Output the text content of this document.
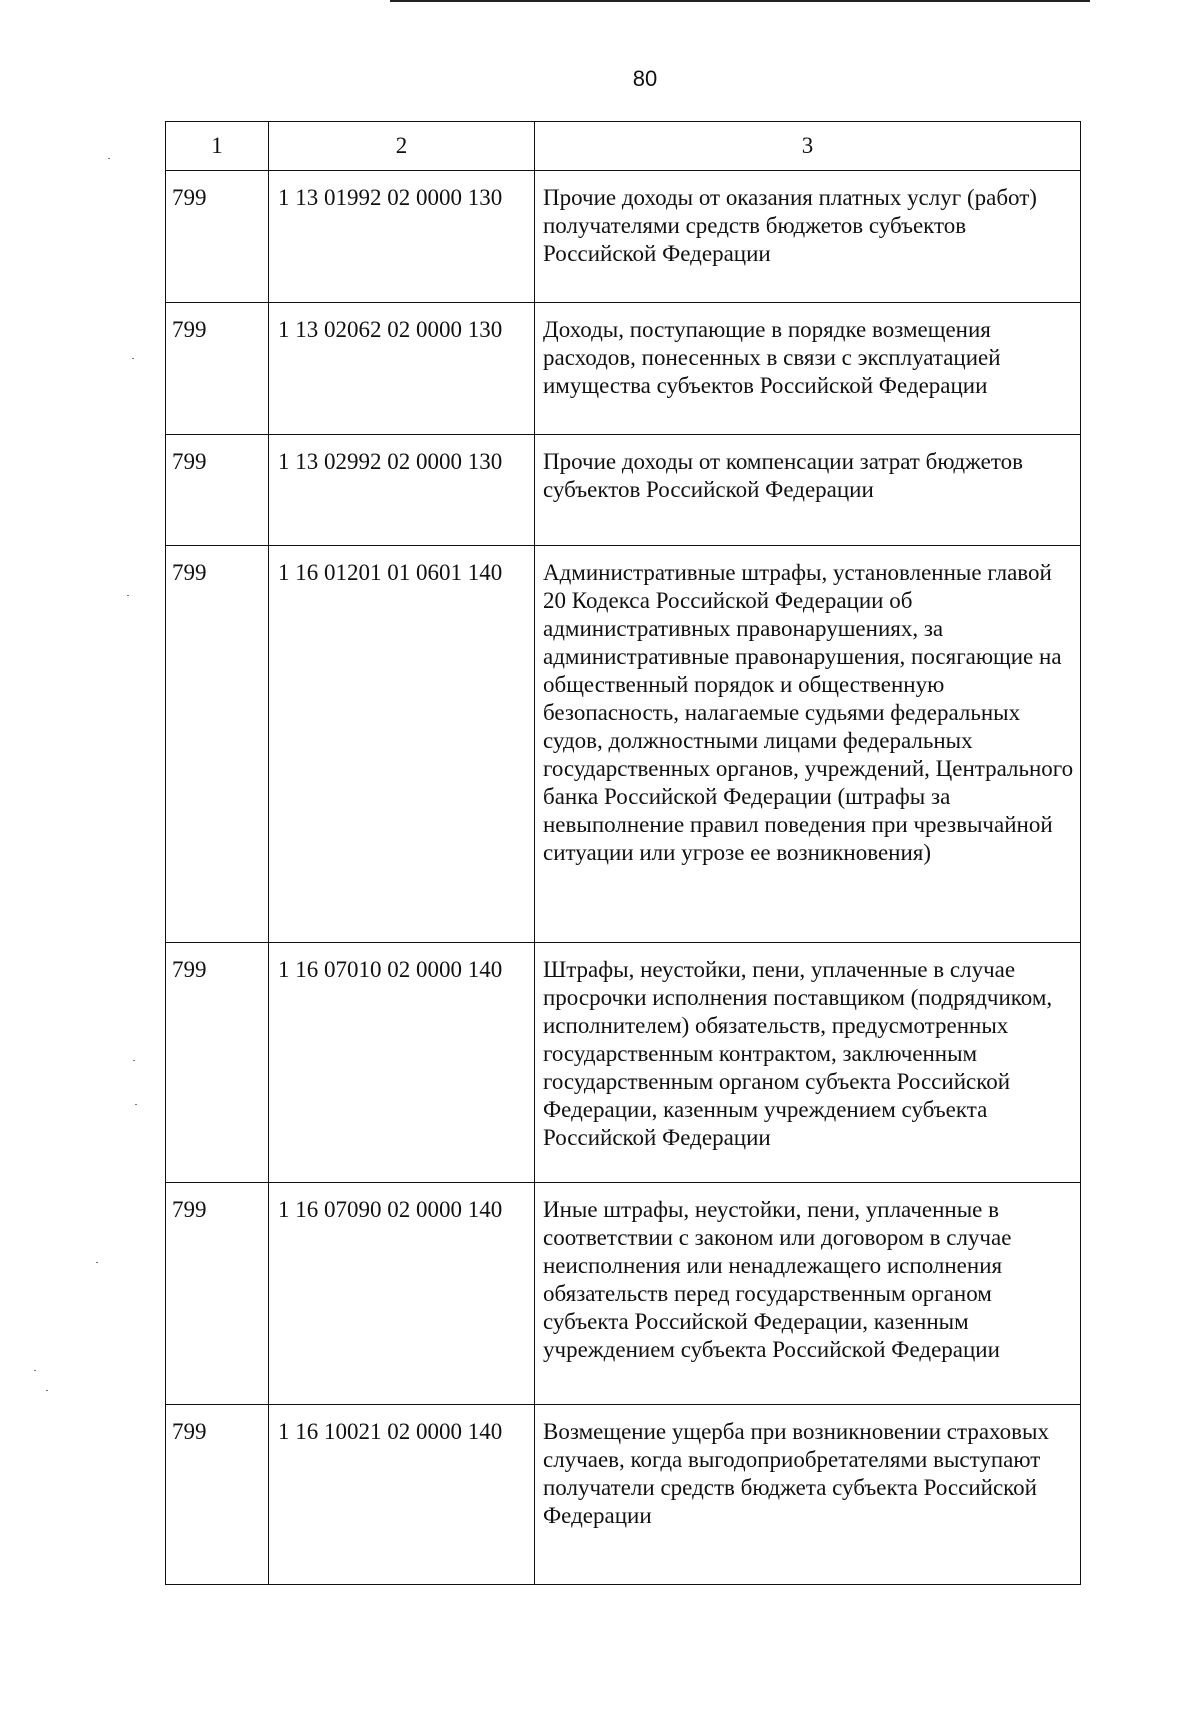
80
1	2	3
799	1 13 01992 02 0000 130	Прочие доходы от оказания платных услуг (работ) получателями средств бюджетов субъектов Российской Федерации
799	1 13 02062 02 0000 130	Доходы, поступающие в порядке возмещения расходов, понесенных в связи с эксплуатацией имущества субъектов Российской Федерации
799	1 13 02992 02 0000 130	Прочие доходы от компенсации затрат бюджетов субъектов Российской Федерации
799	1 16 01201 01 0601 140	Административные штрафы, установленные главой 20 Кодекса Российской Федерации об административных правонарушениях, за административные правонарушения, посягающие на общественный порядок и общественную безопасность, налагаемые судьями федеральных судов, должностными лицами федеральных государственных органов, учреждений, Центрального банка Российской Федерации (штрафы за невыполнение правил поведения при чрезвычайной ситуации или угрозе ее возникновения)
799	1 16 07010 02 0000 140	Штрафы, неустойки, пени, уплаченные в случае просрочки исполнения поставщиком (подрядчиком, исполнителем) обязательств, предусмотренных государственным контрактом, заключенным государственным органом субъекта Российской Федерации, казенным учреждением субъекта Российской Федерации
799	1 16 07090 02 0000 140	Иные штрафы, неустойки, пени, уплаченные в соответствии с законом или договором в случае неисполнения или ненадлежащего исполнения обязательств перед государственным органом субъекта Российской Федерации, казенным учреждением субъекта Российской Федерации
799	1 16 10021 02 0000 140	Возмещение ущерба при возникновении страховых случаев, когда выгодоприобретателями выступают получатели средств бюджета субъекта Российской Федерации
